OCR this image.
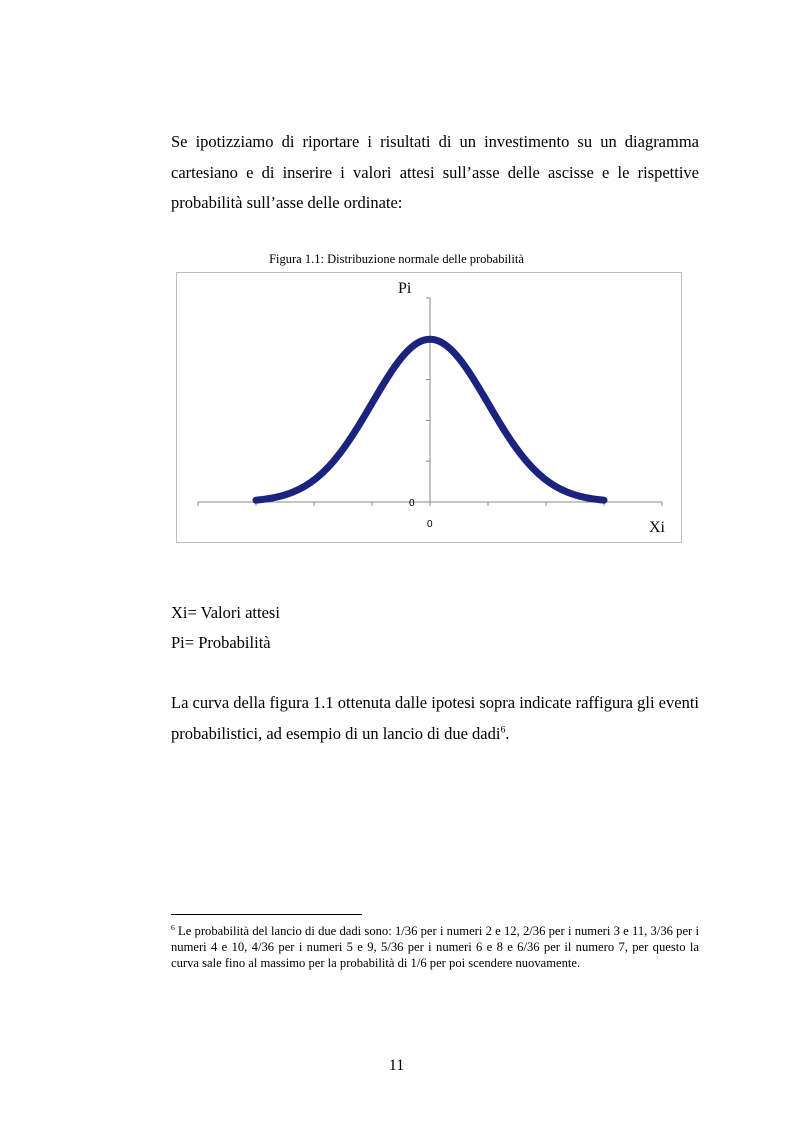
Se ipotizziamo di riportare i risultati di un investimento su un diagramma cartesiano e di inserire i valori attesi sull’asse delle ascisse e le rispettive probabilità sull’asse delle ordinate:

Figura 1.1: Distribuzione normale delle probabilità
Pi
Xi
0
0
Xi= Valori attesi
Pi= Probabilità

La curva della figura 1.1 ottenuta dalle ipotesi sopra indicate raffigura gli eventi probabilistici, ad esempio di un lancio di due dadi$^6$.

$^6$ Le probabilità del lancio di due dadi sono: 1/36 per i numeri 2 e 12, 2/36 per i numeri 3 e 11, 3/36 per i numeri 4 e 10, 4/36 per i numeri 5 e 9, 5/36 per i numeri 6 e 8 e 6/36 per il numero 7, per questo la curva sale fino al massimo per la probabilità di 1/6 per poi scendere nuovamente.

11
